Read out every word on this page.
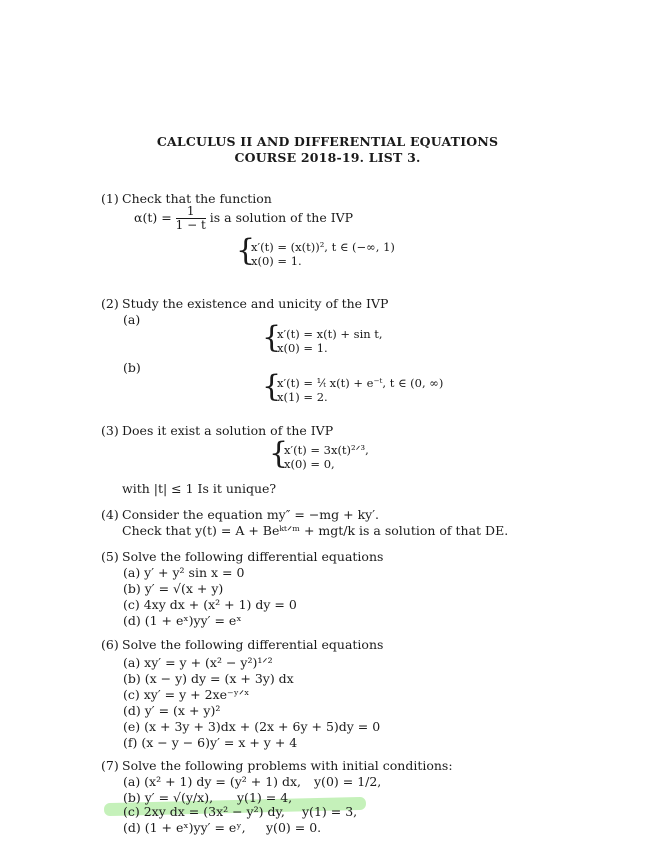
CALCULUS II AND DIFFERENTIAL EQUATIONS
COURSE 2018-19. LIST 3.
(1) Check that the function
$\alpha(t) = \frac{1}{1 - t}$ is a solution of the IVP
{
x′(t) = (x(t))², t ∈ (−∞, 1)
x(0) = 1.
(2) Study the existence and unicity of the IVP
(a)
{
x′(t) = x(t) + sin t,
x(0) = 1.
(b)
{
x′(t) = ¹⁄ₜ x(t) + e⁻ᵗ, t ∈ (0, ∞)
x(1) = 2.
(3) Does it exist a solution of the IVP
{
x′(t) = 3x(t)²ᐟ³,
x(0) = 0,
with |t| ≤ 1 Is it unique?
(4) Consider the equation my″ = −mg + ky′.
Check that y(t) = A + Beᵏᵗᐟᵐ + mgt/k is a solution of that DE.
(5) Solve the following differential equations
(a) y′ + y² sin x = 0
(b) y′ = √(x + y)
(c) 4xy dx + (x² + 1) dy = 0
(d) (1 + eˣ)yy′ = eˣ
(6) Solve the following differential equations
(a) xy′ = y + (x² − y²)¹ᐟ²
(b) (x − y) dy = (x + 3y) dx
(c) xy′ = y + 2xe⁻ʸᐟˣ
(d) y′ = (x + y)²
(e) (x + 3y + 3)dx + (2x + 6y + 5)dy = 0
(f) (x − y − 6)y′ = x + y + 4
(7) Solve the following problems with initial conditions:
(a) (x² + 1) dy = (y² + 1) dx, y(0) = 1/2,
(b) y′ = √(y/x), y(1) = 4,
(c) 2xy dx = (3x² − y²) dy, y(1) = 3,
(d) (1 + eˣ)yy′ = eʸ, y(0) = 0.
